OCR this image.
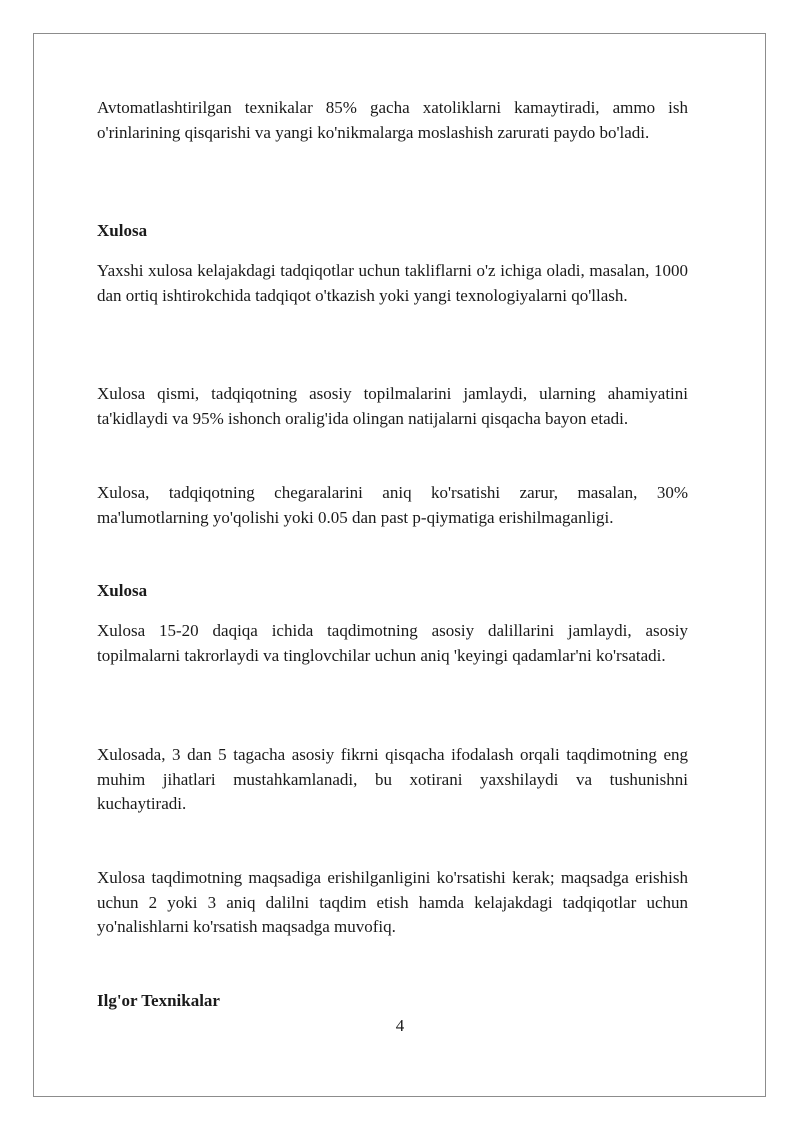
Avtomatlashtirilgan texnikalar 85% gacha xatoliklarni kamaytiradi, ammo ish o'rinlarining qisqarishi va yangi ko'nikmalarga moslashish zarurati paydo bo'ladi.

Xulosa

Yaxshi xulosa kelajakdagi tadqiqotlar uchun takliflarni o'z ichiga oladi, masalan, 1000 dan ortiq ishtirokchida tadqiqot o'tkazish yoki yangi texnologiyalarni qo'llash.

Xulosa qismi, tadqiqotning asosiy topilmalarini jamlaydi, ularning ahamiyatini ta'kidlaydi va 95% ishonch oralig'ida olingan natijalarni qisqacha bayon etadi.

Xulosa, tadqiqotning chegaralarini aniq ko'rsatishi zarur, masalan, 30% ma'lumotlarning yo'qolishi yoki 0.05 dan past p-qiymatiga erishilmaganligi.

Xulosa

Xulosa 15-20 daqiqa ichida taqdimotning asosiy dalillarini jamlaydi, asosiy topilmalarni takrorlaydi va tinglovchilar uchun aniq 'keyingi qadamlar'ni ko'rsatadi.

Xulosada, 3 dan 5 tagacha asosiy fikrni qisqacha ifodalash orqali taqdimotning eng muhim jihatlari mustahkamlanadi, bu xotirani yaxshilaydi va tushunishni kuchaytiradi.

Xulosa taqdimotning maqsadiga erishilganligini ko'rsatishi kerak; maqsadga erishish uchun 2 yoki 3 aniq dalilni taqdim etish hamda kelajakdagi tadqiqotlar uchun yo'nalishlarni ko'rsatish maqsadga muvofiq.

Ilg'or Texnikalar

4
